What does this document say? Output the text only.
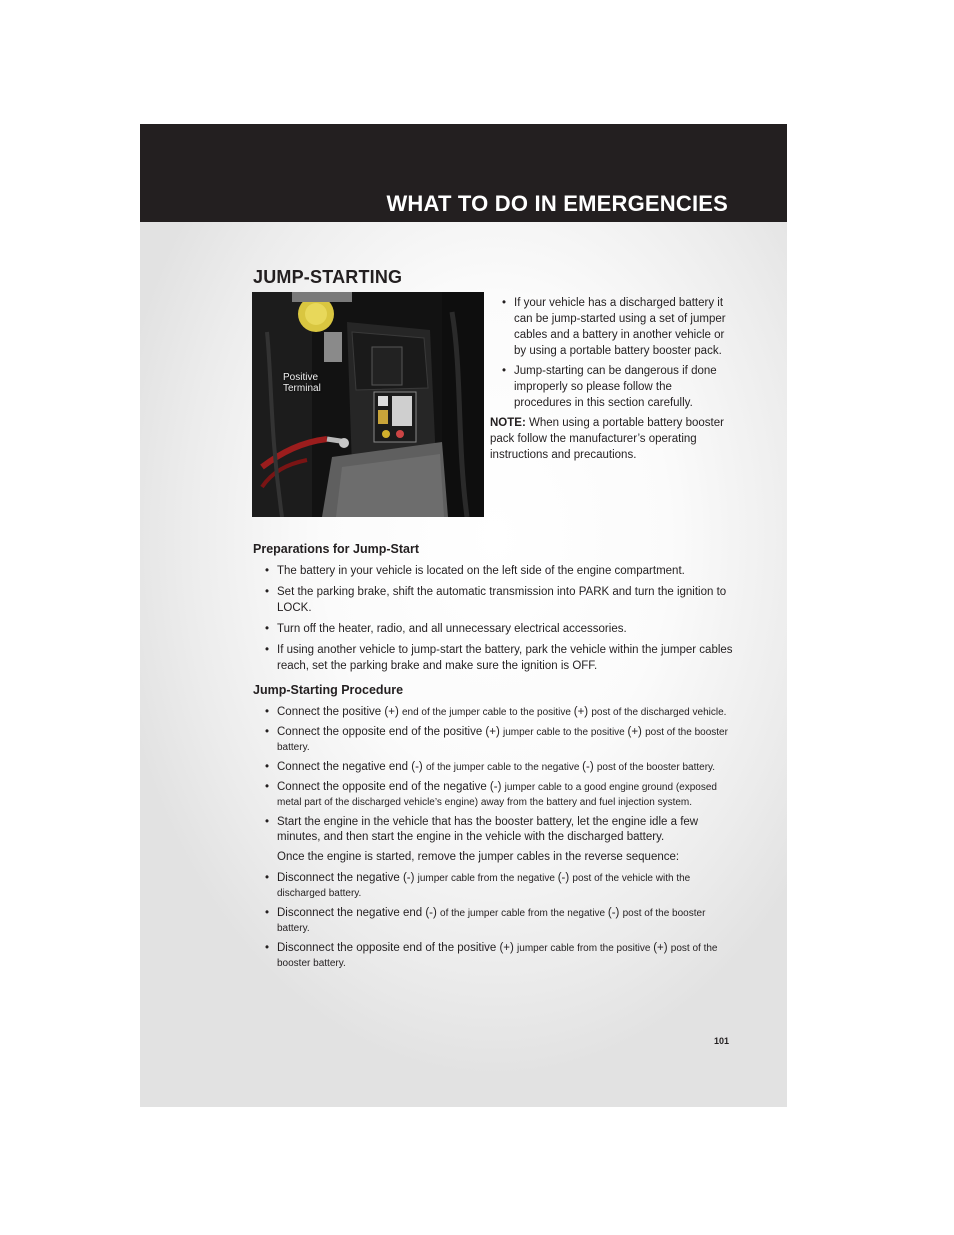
WHAT TO DO IN EMERGENCIES
JUMP-STARTING
Positive
Terminal
• If your vehicle has a discharged battery it can be jump-started using a set of jumper cables and a battery in another vehicle or by using a portable battery booster pack.
• Jump-starting can be dangerous if done improperly so please follow the procedures in this section carefully.
NOTE: When using a portable battery booster pack follow the manufacturer’s operating instructions and precautions.
Preparations for Jump-Start
• The battery in your vehicle is located on the left side of the engine compartment.
• Set the parking brake, shift the automatic transmission into PARK and turn the ignition to LOCK.
• Turn off the heater, radio, and all unnecessary electrical accessories.
• If using another vehicle to jump-start the battery, park the vehicle within the jumper cables reach, set the parking brake and make sure the ignition is OFF.
Jump-Starting Procedure
• Connect the positive (+) end of the jumper cable to the positive (+) post of the discharged vehicle.
• Connect the opposite end of the positive (+) jumper cable to the positive (+) post of the booster battery.
• Connect the negative end (-) of the jumper cable to the negative (-) post of the booster battery.
• Connect the opposite end of the negative (-) jumper cable to a good engine ground (exposed metal part of the discharged vehicle’s engine) away from the battery and fuel injection system.
• Start the engine in the vehicle that has the booster battery, let the engine idle a few minutes, and then start the engine in the vehicle with the discharged battery.
Once the engine is started, remove the jumper cables in the reverse sequence:
• Disconnect the negative (-) jumper cable from the negative (-) post of the vehicle with the discharged battery.
• Disconnect the negative end (-) of the jumper cable from the negative (-) post of the booster battery.
• Disconnect the opposite end of the positive (+) jumper cable from the positive (+) post of the booster battery.
101
